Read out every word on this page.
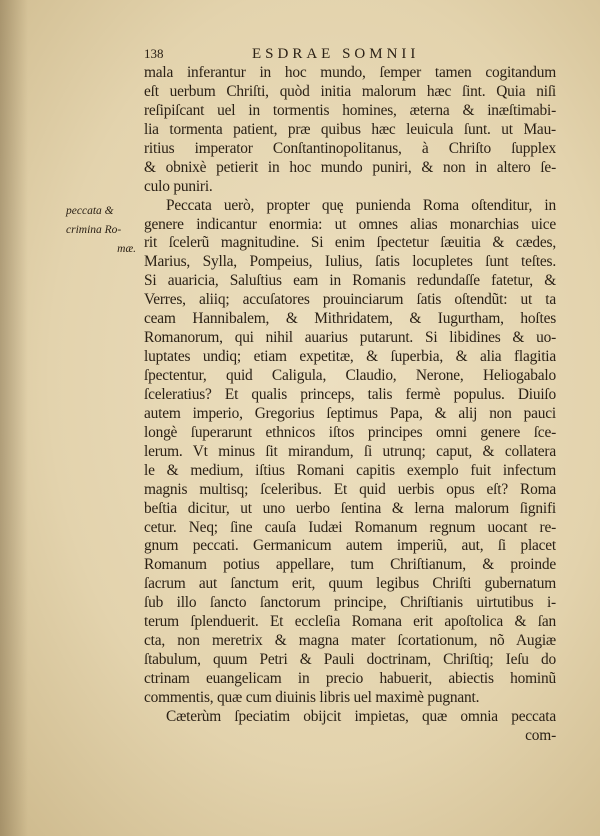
138	ESDRAE SOMNII
peccata &
crimina Ro-
mæ.
mala inferantur in hoc mundo, ſemper tamen cogitandum
eſt uerbum Chriſti, quòd initia malorum hæc ſint. Quia niſi
reſipiſcant uel in tormentis homines, æterna & inæſtimabi-
lia tormenta patient, præ quibus hæc leuicula ſunt. ut Mau-
ritius imperator Conſtantinopolitanus, à Chriſto ſupplex
& obnixè petierit in hoc mundo puniri, & non in altero ſe-
culo puniri.
Peccata uerò, propter quę punienda Roma oſtenditur, in
genere indicantur enormia: ut omnes alias monarchias uice
rit ſcelerũ magnitudine. Si enim ſpectetur ſæuitia & cædes,
Marius, Sylla, Pompeius, Iulius, ſatis locupletes ſunt teſtes.
Si auaricia, Saluſtius eam in Romanis redundaſſe fatetur, &
Verres, aliiq; accuſatores prouinciarum ſatis oſtendũt: ut ta
ceam Hannibalem, & Mithridatem, & Iugurtham, hoſtes
Romanorum, qui nihil auarius putarunt. Si libidines & uo-
luptates undiq; etiam expetitæ, & ſuperbia, & alia flagitia
ſpectentur, quid Caligula, Claudio, Nerone, Heliogabalo
ſceleratius? Et qualis princeps, talis fermè populus. Diuiſo
autem imperio, Gregorius ſeptimus Papa, & alij non pauci
longè ſuperarunt ethnicos iſtos principes omni genere ſce-
lerum. Vt minus ſit mirandum, ſi utrunq; caput, & collatera
le & medium, iſtius Romani capitis exemplo fuit infectum
magnis multisq; ſceleribus. Et quid uerbis opus eſt? Roma
beſtia dicitur, ut uno uerbo ſentina & lerna malorum ſignifi
cetur. Neq; ſine cauſa Iudæi Romanum regnum uocant re-
gnum peccati. Germanicum autem imperiũ, aut, ſi placet
Romanum potius appellare, tum Chriſtianum, & proinde
ſacrum aut ſanctum erit, quum legibus Chriſti gubernatum
ſub illo ſancto ſanctorum principe, Chriſtianis uirtutibus i-
terum ſplenduerit. Et eccleſia Romana erit apoſtolica & ſan
cta, non meretrix & magna mater ſcortationum, nõ Augiæ
ſtabulum, quum Petri & Pauli doctrinam, Chriſtiq; Ieſu do
ctrinam euangelicam in precio habuerit, abiectis hominũ
commentis, quæ cum diuinis libris uel maximè pugnant.
Cæterùm ſpeciatim obijcit impietas, quæ omnia peccata
com-
